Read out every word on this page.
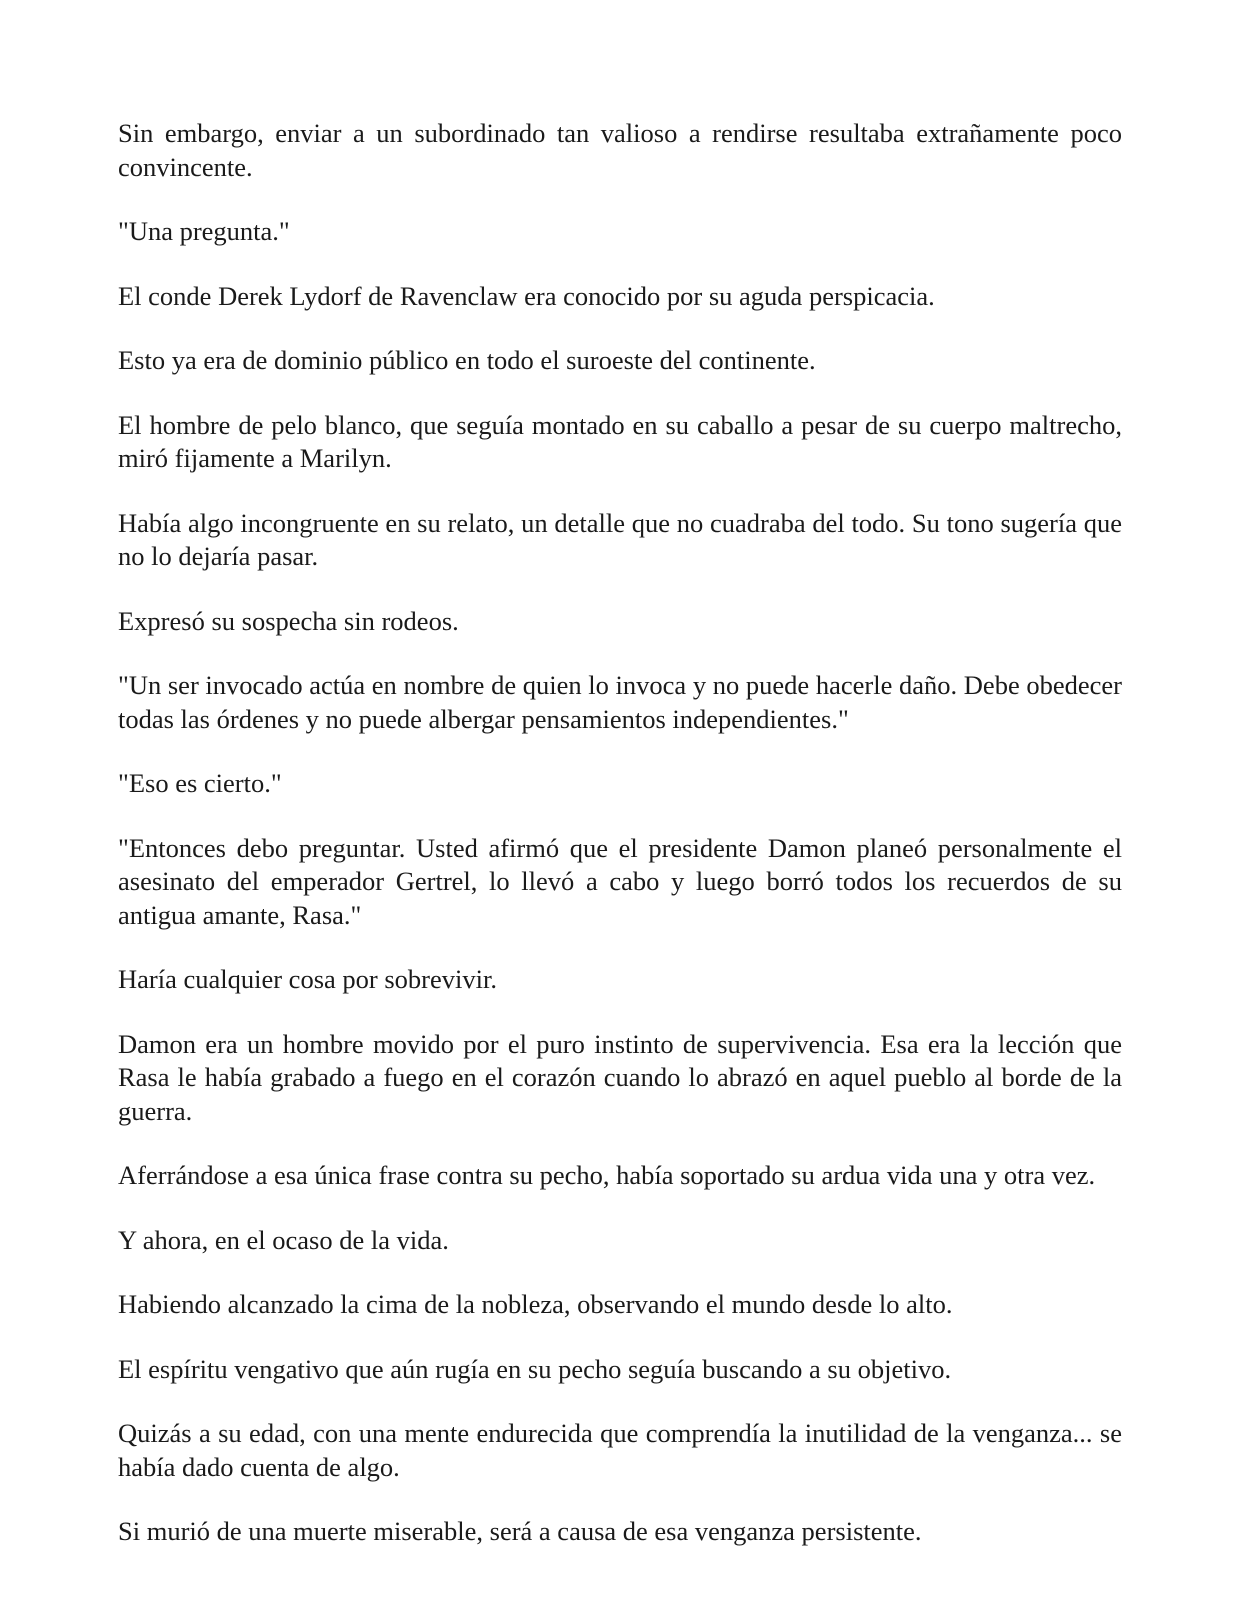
Sin embargo, enviar a un subordinado tan valioso a rendirse resultaba extrañamente poco convincente.

"Una pregunta."

El conde Derek Lydorf de Ravenclaw era conocido por su aguda perspicacia.

Esto ya era de dominio público en todo el suroeste del continente.

El hombre de pelo blanco, que seguía montado en su caballo a pesar de su cuerpo maltrecho, miró fijamente a Marilyn.

Había algo incongruente en su relato, un detalle que no cuadraba del todo. Su tono sugería que no lo dejaría pasar.

Expresó su sospecha sin rodeos.

"Un ser invocado actúa en nombre de quien lo invoca y no puede hacerle daño. Debe obedecer todas las órdenes y no puede albergar pensamientos independientes."

"Eso es cierto."

"Entonces debo preguntar. Usted afirmó que el presidente Damon planeó personalmente el asesinato del emperador Gertrel, lo llevó a cabo y luego borró todos los recuerdos de su antigua amante, Rasa."

Haría cualquier cosa por sobrevivir.

Damon era un hombre movido por el puro instinto de supervivencia. Esa era la lección que Rasa le había grabado a fuego en el corazón cuando lo abrazó en aquel pueblo al borde de la guerra.

Aferrándose a esa única frase contra su pecho, había soportado su ardua vida una y otra vez.

Y ahora, en el ocaso de la vida.

Habiendo alcanzado la cima de la nobleza, observando el mundo desde lo alto.

El espíritu vengativo que aún rugía en su pecho seguía buscando a su objetivo.

Quizás a su edad, con una mente endurecida que comprendía la inutilidad de la venganza... se había dado cuenta de algo.

Si murió de una muerte miserable, será a causa de esa venganza persistente.
